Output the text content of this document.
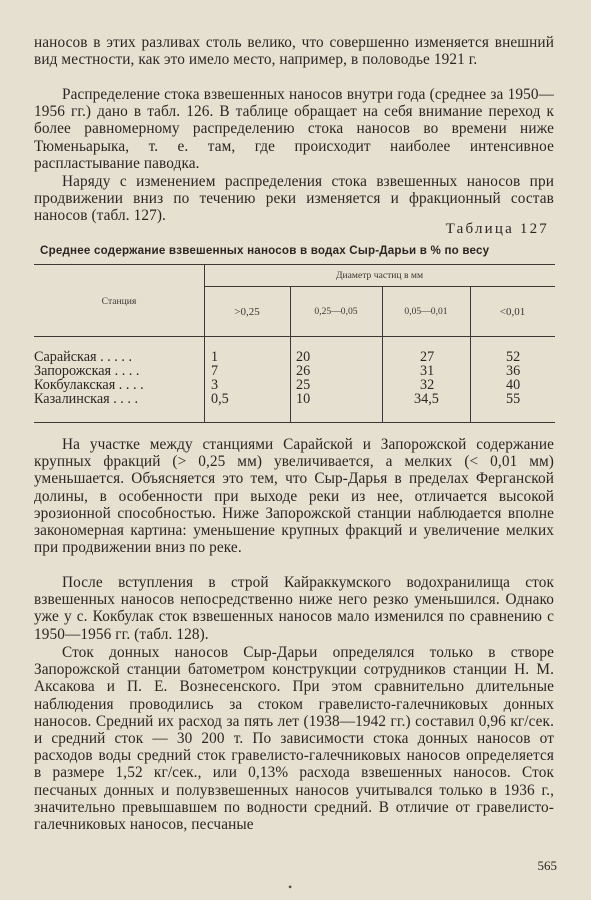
наносов в этих разливах столь велико, что совершенно изменяется внешний вид местности, как это имело место, например, в половодье 1921 г.

Распределение стока взвешенных наносов внутри года (среднее за 1950—1956 гг.) дано в табл. 126. В таблице обращает на себя внимание переход к более равномерному распределению стока наносов во времени ниже Тюменьарыка, т. е. там, где происходит наиболее интенсивное распластывание паводка.

Наряду с изменением распределения стока взвешенных наносов при продвижении вниз по течению реки изменяется и фракционный состав наносов (табл. 127).

Таблица 127
Среднее содержание взвешенных наносов в водах Сыр-Дарьи в % по весу
Станция
Диаметр частиц в мм
>0,25	0,25—0,05	0,05—0,01	<0,01
Сарайская . . . . .	1	20	27	52
Запорожская . . . .	7	26	31	36
Кокбулакская . . . .	3	25	32	40
Казалинская . . . .	0,5	10	34,5	55

На участке между станциями Сарайской и Запорожской содержание крупных фракций (> 0,25 мм) увеличивается, а мелких (< 0,01 мм) уменьшается. Объясняется это тем, что Сыр-Дарья в пределах Ферганской долины, в особенности при выходе реки из нее, отличается высокой эрозионной способностью. Ниже Запорожской станции наблюдается вполне закономерная картина: уменьшение крупных фракций и увеличение мелких при продвижении вниз по реке.

После вступления в строй Кайраккумского водохранилища сток взвешенных наносов непосредственно ниже него резко уменьшился. Однако уже у с. Кокбулак сток взвешенных наносов мало изменился по сравнению с 1950—1956 гг. (табл. 128).

Сток донных наносов Сыр-Дарьи определялся только в створе Запорожской станции батометром конструкции сотрудников станции Н. М. Аксакова и П. Е. Вознесенского. При этом сравнительно длительные наблюдения проводились за стоком гравелисто-галечниковых донных наносов. Средний их расход за пять лет (1938—1942 гг.) составил 0,96 кг/сек. и средний сток — 30 200 т. По зависимости стока донных наносов от расходов воды средний сток гравелисто-галечниковых наносов определяется в размере 1,52 кг/сек., или 0,13% расхода взвешенных наносов. Сток песчаных донных и полувзвешенных наносов учитывался только в 1936 г., значительно превышавшем по водности средний. В отличие от гравелисто-галечниковых наносов, песчаные

565
•
